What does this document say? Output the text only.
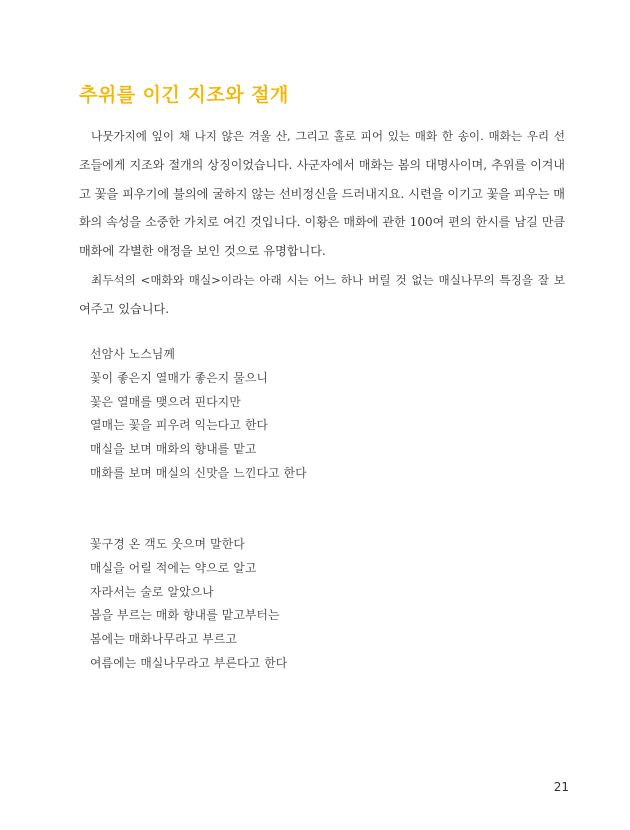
추위를 이긴 지조와 절개
나뭇가지에 잎이 채 나지 않은 겨울 산, 그리고 홀로 피어 있는 매화 한 송이. 매화는 우리 선
조들에게 지조와 절개의 상징이었습니다. 사군자에서 매화는 봄의 대명사이며, 추위를 이겨내
고 꽃을 피우기에 불의에 굴하지 않는 선비정신을 드러내지요. 시련을 이기고 꽃을 피우는 매
화의 속성을 소중한 가치로 여긴 것입니다. 이황은 매화에 관한 100여 편의 한시를 남길 만큼
매화에 각별한 애정을 보인 것으로 유명합니다.
최두석의 <매화와 매실>이라는 아래 시는 어느 하나 버릴 것 없는 매실나무의 특징을 잘 보
여주고 있습니다.
선암사 노스님께
꽃이 좋은지 열매가 좋은지 물으니
꽃은 열매를 맺으려 핀다지만
열매는 꽃을 피우려 익는다고 한다
매실을 보며 매화의 향내를 맡고
매화를 보며 매실의 신맛을 느낀다고 한다
꽃구경 온 객도 웃으며 말한다
매실을 어릴 적에는 약으로 알고
자라서는 술로 알았으나
봄을 부르는 매화 향내를 맡고부터는
봄에는 매화나무라고 부르고
여름에는 매실나무라고 부른다고 한다
21
